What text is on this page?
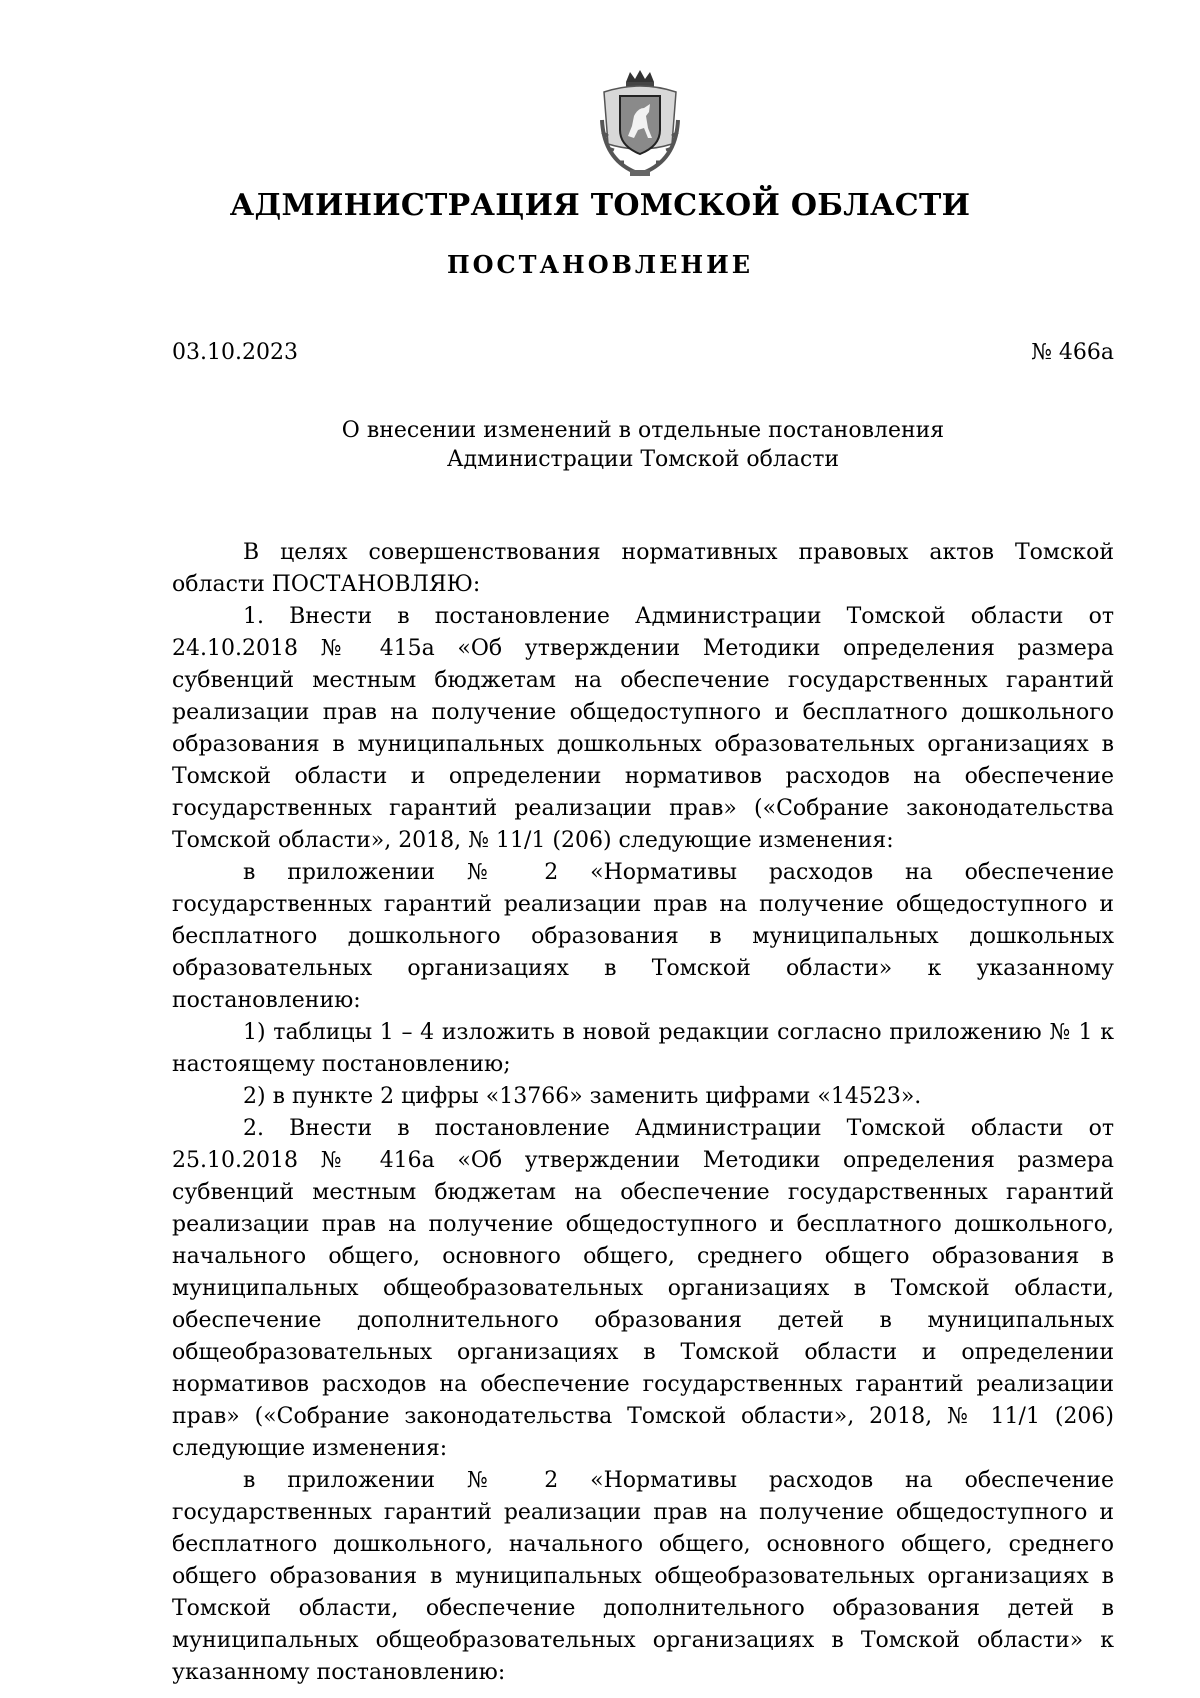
АДМИНИСТРАЦИЯ ТОМСКОЙ ОБЛАСТИ
ПОСТАНОВЛЕНИЕ
03.10.2023	№ 466а
О внесении изменений в отдельные постановления
Администрации Томской области

В целях совершенствования нормативных правовых актов Томской области ПОСТАНОВЛЯЮ:

1. Внести в постановление Администрации Томской области от 24.10.2018 № 415а «Об утверждении Методики определения размера субвенций местным бюджетам на обеспечение государственных гарантий реализации прав на получение общедоступного и бесплатного дошкольного образования в муниципальных дошкольных образовательных организациях в Томской области и определении нормативов расходов на обеспечение государственных гарантий реализации прав» («Собрание законодательства Томской области», 2018, № 11/1 (206) следующие изменения:

в приложении № 2 «Нормативы расходов на обеспечение государственных гарантий реализации прав на получение общедоступного и бесплатного дошкольного образования в муниципальных дошкольных образовательных организациях в Томской области» к указанному постановлению:

1) таблицы 1 – 4 изложить в новой редакции согласно приложению № 1 к настоящему постановлению;

2) в пункте 2 цифры «13766» заменить цифрами «14523».

2. Внести в постановление Администрации Томской области от 25.10.2018 № 416а «Об утверждении Методики определения размера субвенций местным бюджетам на обеспечение государственных гарантий реализации прав на получение общедоступного и бесплатного дошкольного, начального общего, основного общего, среднего общего образования в муниципальных общеобразовательных организациях в Томской области, обеспечение дополнительного образования детей в муниципальных общеобразовательных организациях в Томской области и определении нормативов расходов на обеспечение государственных гарантий реализации прав» («Собрание законодательства Томской области», 2018, № 11/1 (206) следующие изменения:

в приложении № 2 «Нормативы расходов на обеспечение государственных гарантий реализации прав на получение общедоступного и бесплатного дошкольного, начального общего, основного общего, среднего общего образования в муниципальных общеобразовательных организациях в Томской области, обеспечение дополнительного образования детей в муниципальных общеобразовательных организациях в Томской области» к указанному постановлению:
